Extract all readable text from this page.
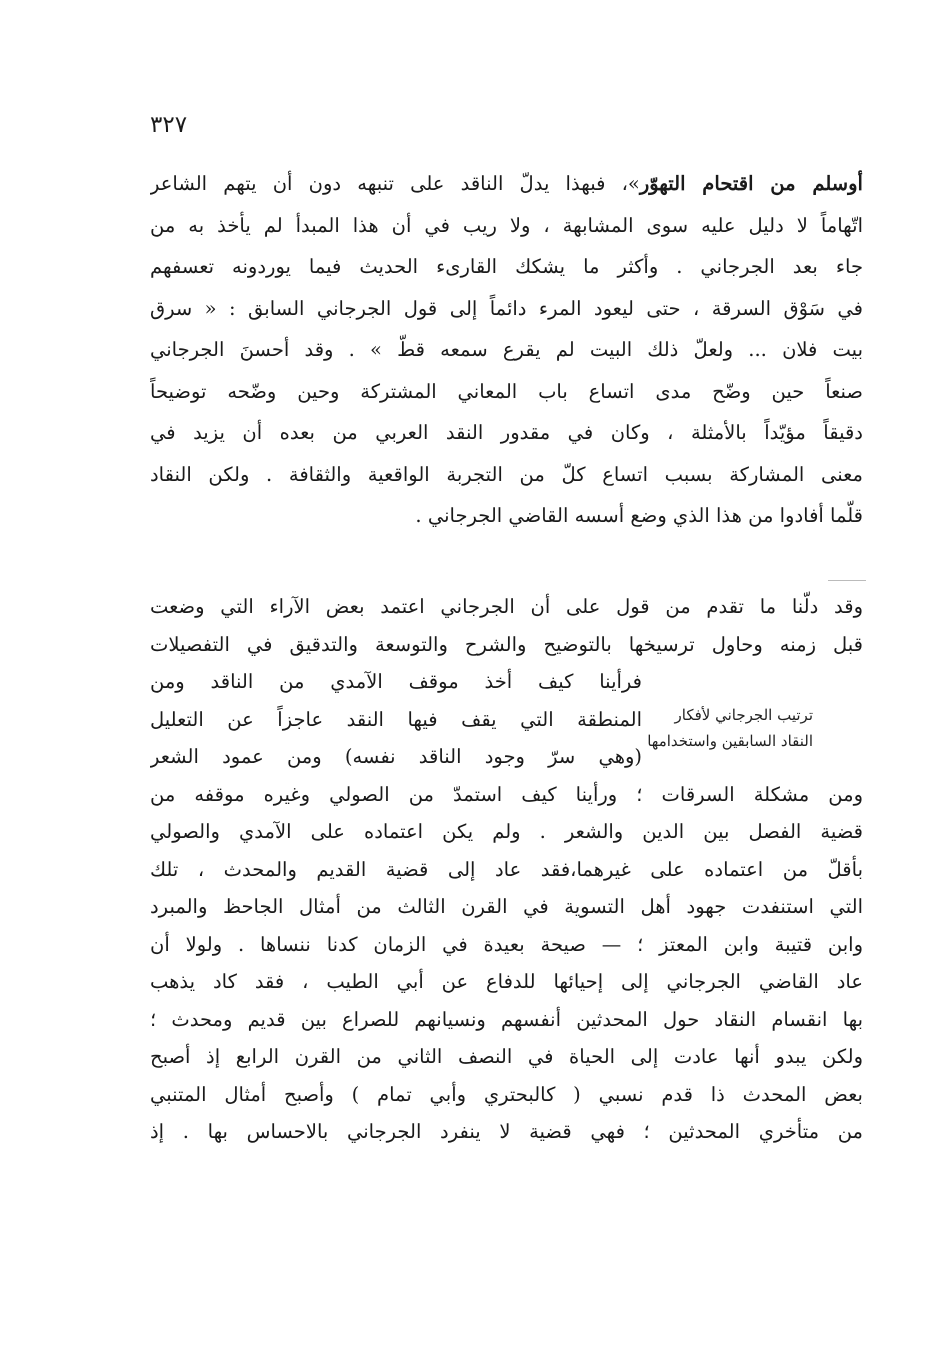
٣٢٧
أوسلم من اقتحام التهوّر»، فبهذا يدلّ الناقد على تنبهه دون أن يتهم الشاعر
اتّهاماً لا دليل عليه سوى المشابهة ، ولا ريب في أن هذا المبدأ لم يأخذ به من
جاء بعد الجرجاني . وأكثر ما يشكك القارىء الحديث فيما يوردونه تعسفهم
في سَوْق السرقة ، حتى ليعود المرء دائماً إلى قول الجرجاني السابق : « سرق
بيت فلان ... ولعلّ ذلك البيت لم يقرع سمعه قطّ » . وقد أحسنَ الجرجاني
صنعاً حين وضّح مدى اتساع باب المعاني المشتركة وحين وضّحه توضيحاً
دقيقاً مؤيّداً بالأمثلة ، وكان في مقدور النقد العربي من بعده أن يزيد في
معنى المشاركة بسبب اتساع كلّ من التجربة الواقعية والثقافة . ولكن النقاد
قلّما أفادوا من هذا الذي وضع أسسه القاضي الجرجاني .
وقد دلّنا ما تقدم من قول على أن الجرجاني اعتمد بعض الآراء التي وضعت
قبل زمنه وحاول ترسيخها بالتوضيح والشرح والتوسعة والتدقيق في التفصيلات
فرأينا كيف أخذ موقف الآمدي من الناقد ومن
المنطقة التي يقف فيها النقد عاجزاً عن التعليل
(وهي سرّ وجود الناقد نفسه) ومن عمود الشعر
ومن مشكلة السرقات ؛ ورأينا كيف استمدّ من الصولي وغيره موقفه من
قضية الفصل بين الدين والشعر . ولم يكن اعتماده على الآمدي والصولي
بأقلّ من اعتماده على غيرهما،فقد عاد إلى قضية القديم والمحدث ، تلك
التي استنفدت جهود أهل التسوية في القرن الثالث من أمثال الجاحظ والمبرد
وابن قتيبة وابن المعتز ؛ — صيحة بعيدة في الزمان كدنا ننساها . ولولا أن
عاد القاضي الجرجاني إلى إحيائها للدفاع عن أبي الطيب ، فقد كاد يذهب
بها انقسام النقاد حول المحدثين أنفسهم ونسيانهم للصراع بين قديم ومحدث ؛
ولكن يبدو أنها عادت إلى الحياة في النصف الثاني من القرن الرابع إذ أصبح
بعض المحدث ذا قدم نسبي ( كالبحتري وأبي تمام ) وأصبح أمثال المتنبي
من متأخري المحدثين ؛ فهي قضية لا ينفرد الجرجاني بالاحساس بها . إذ
ترتيب الجرجاني لأفكار
النقاد السابقين واستخدامها
